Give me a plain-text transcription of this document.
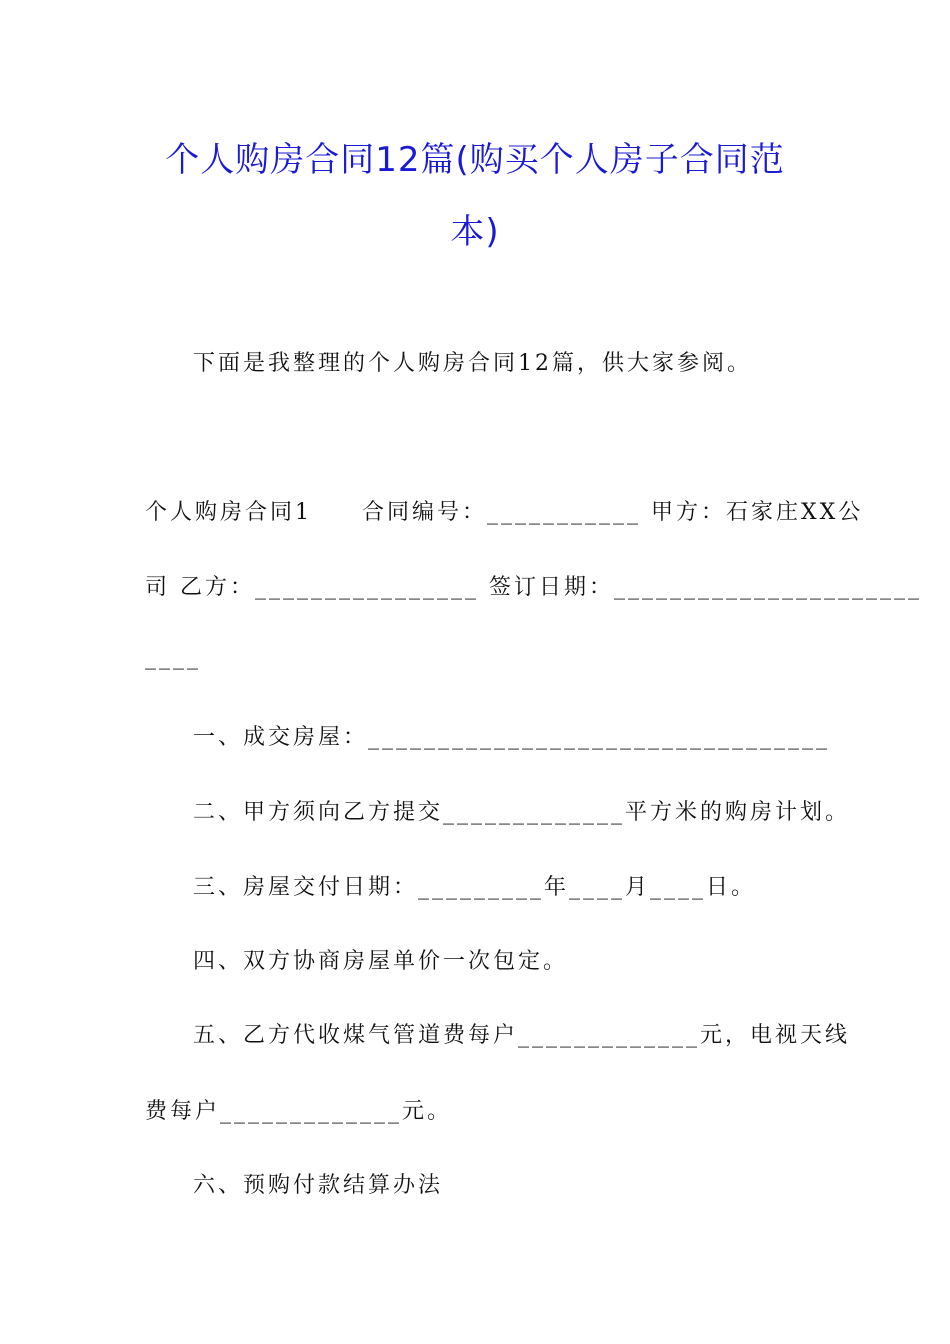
个人购房合同12篇(购买个人房子合同范
本)
下面是我整理的个人购房合同12篇，供大家参阅。
个人购房合同1　　合同编号：___________ 甲方：石家庄XX公
司 乙方：________________ 签订日期：______________________
____
一、成交房屋：_________________________________
二、甲方须向乙方提交_____________平方米的购房计划。
三、房屋交付日期：_________年____月____日。
四、双方协商房屋单价一次包定。
五、乙方代收煤气管道费每户_____________元，电视天线
费每户_____________元。
六、预购付款结算办法
